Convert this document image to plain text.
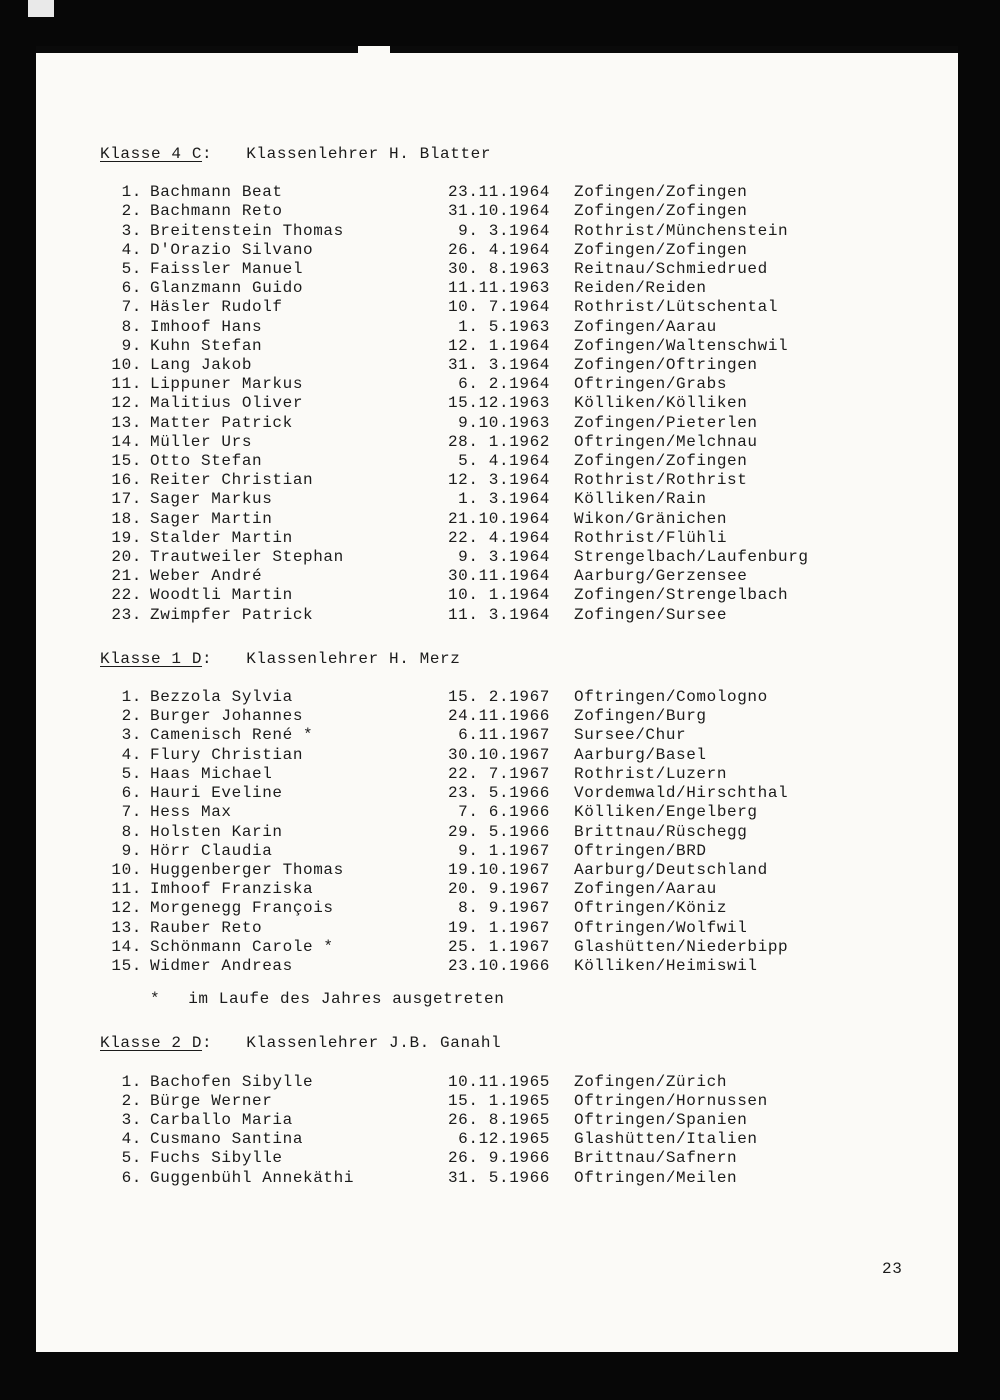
Klasse 4 C : Klassenlehrer H. Blatter
1. Bachmann Beat	23.11.1964 Zofingen/Zofingen
2. Bachmann Reto	31.10.1964 Zofingen/Zofingen
3. Breitenstein Thomas	9. 3.1964 Rothrist/Münchenstein
4. D'Orazio Silvano	26. 4.1964 Zofingen/Zofingen
5. Faissler Manuel	30. 8.1963 Reitnau/Schmiedrued
6. Glanzmann Guido	11.11.1963 Reiden/Reiden
7. Häsler Rudolf	10. 7.1964 Rothrist/Lütschental
8. Imhoof Hans	1. 5.1963 Zofingen/Aarau
9. Kuhn Stefan	12. 1.1964 Zofingen/Waltenschwil
10. Lang Jakob	31. 3.1964 Zofingen/Oftringen
11. Lippuner Markus	6. 2.1964 Oftringen/Grabs
12. Malitius Oliver	15.12.1963 Kölliken/Kölliken
13. Matter Patrick	9.10.1963 Zofingen/Pieterlen
14. Müller Urs	28. 1.1962 Oftringen/Melchnau
15. Otto Stefan	5. 4.1964 Zofingen/Zofingen
16. Reiter Christian	12. 3.1964 Rothrist/Rothrist
17. Sager Markus	1. 3.1964 Kölliken/Rain
18. Sager Martin	21.10.1964 Wikon/Gränichen
19. Stalder Martin	22. 4.1964 Rothrist/Flühli
20. Trautweiler Stephan	9. 3.1964 Strengelbach/Laufenburg
21. Weber André	30.11.1964 Aarburg/Gerzensee
22. Woodtli Martin	10. 1.1964 Zofingen/Strengelbach
23. Zwimpfer Patrick	11. 3.1964 Zofingen/Sursee
Klasse 1 D : Klassenlehrer H. Merz
1. Bezzola Sylvia	15. 2.1967 Oftringen/Comologno
2. Burger Johannes	24.11.1966 Zofingen/Burg
3. Camenisch René *	6.11.1967 Sursee/Chur
4. Flury Christian	30.10.1967 Aarburg/Basel
5. Haas Michael	22. 7.1967 Rothrist/Luzern
6. Hauri Eveline	23. 5.1966 Vordemwald/Hirschthal
7. Hess Max	7. 6.1966 Kölliken/Engelberg
8. Holsten Karin	29. 5.1966 Brittnau/Rüschegg
9. Hörr Claudia	9. 1.1967 Oftringen/BRD
10. Huggenberger Thomas	19.10.1967 Aarburg/Deutschland
11. Imhoof Franziska	20. 9.1967 Zofingen/Aarau
12. Morgenegg François	8. 9.1967 Oftringen/Köniz
13. Rauber Reto	19. 1.1967 Oftringen/Wolfwil
14. Schönmann Carole *	25. 1.1967 Glashütten/Niederbipp
15. Widmer Andreas	23.10.1966 Kölliken/Heimiswil
* im Laufe des Jahres ausgetreten
Klasse 2 D : Klassenlehrer J.B. Ganahl
1. Bachofen Sibylle	10.11.1965 Zofingen/Zürich
2. Bürge Werner	15. 1.1965 Oftringen/Hornussen
3. Carballo Maria	26. 8.1965 Oftringen/Spanien
4. Cusmano Santina	6.12.1965 Glashütten/Italien
5. Fuchs Sibylle	26. 9.1966 Brittnau/Safnern
6. Guggenbühl Annekäthi	31. 5.1966 Oftringen/Meilen
23
